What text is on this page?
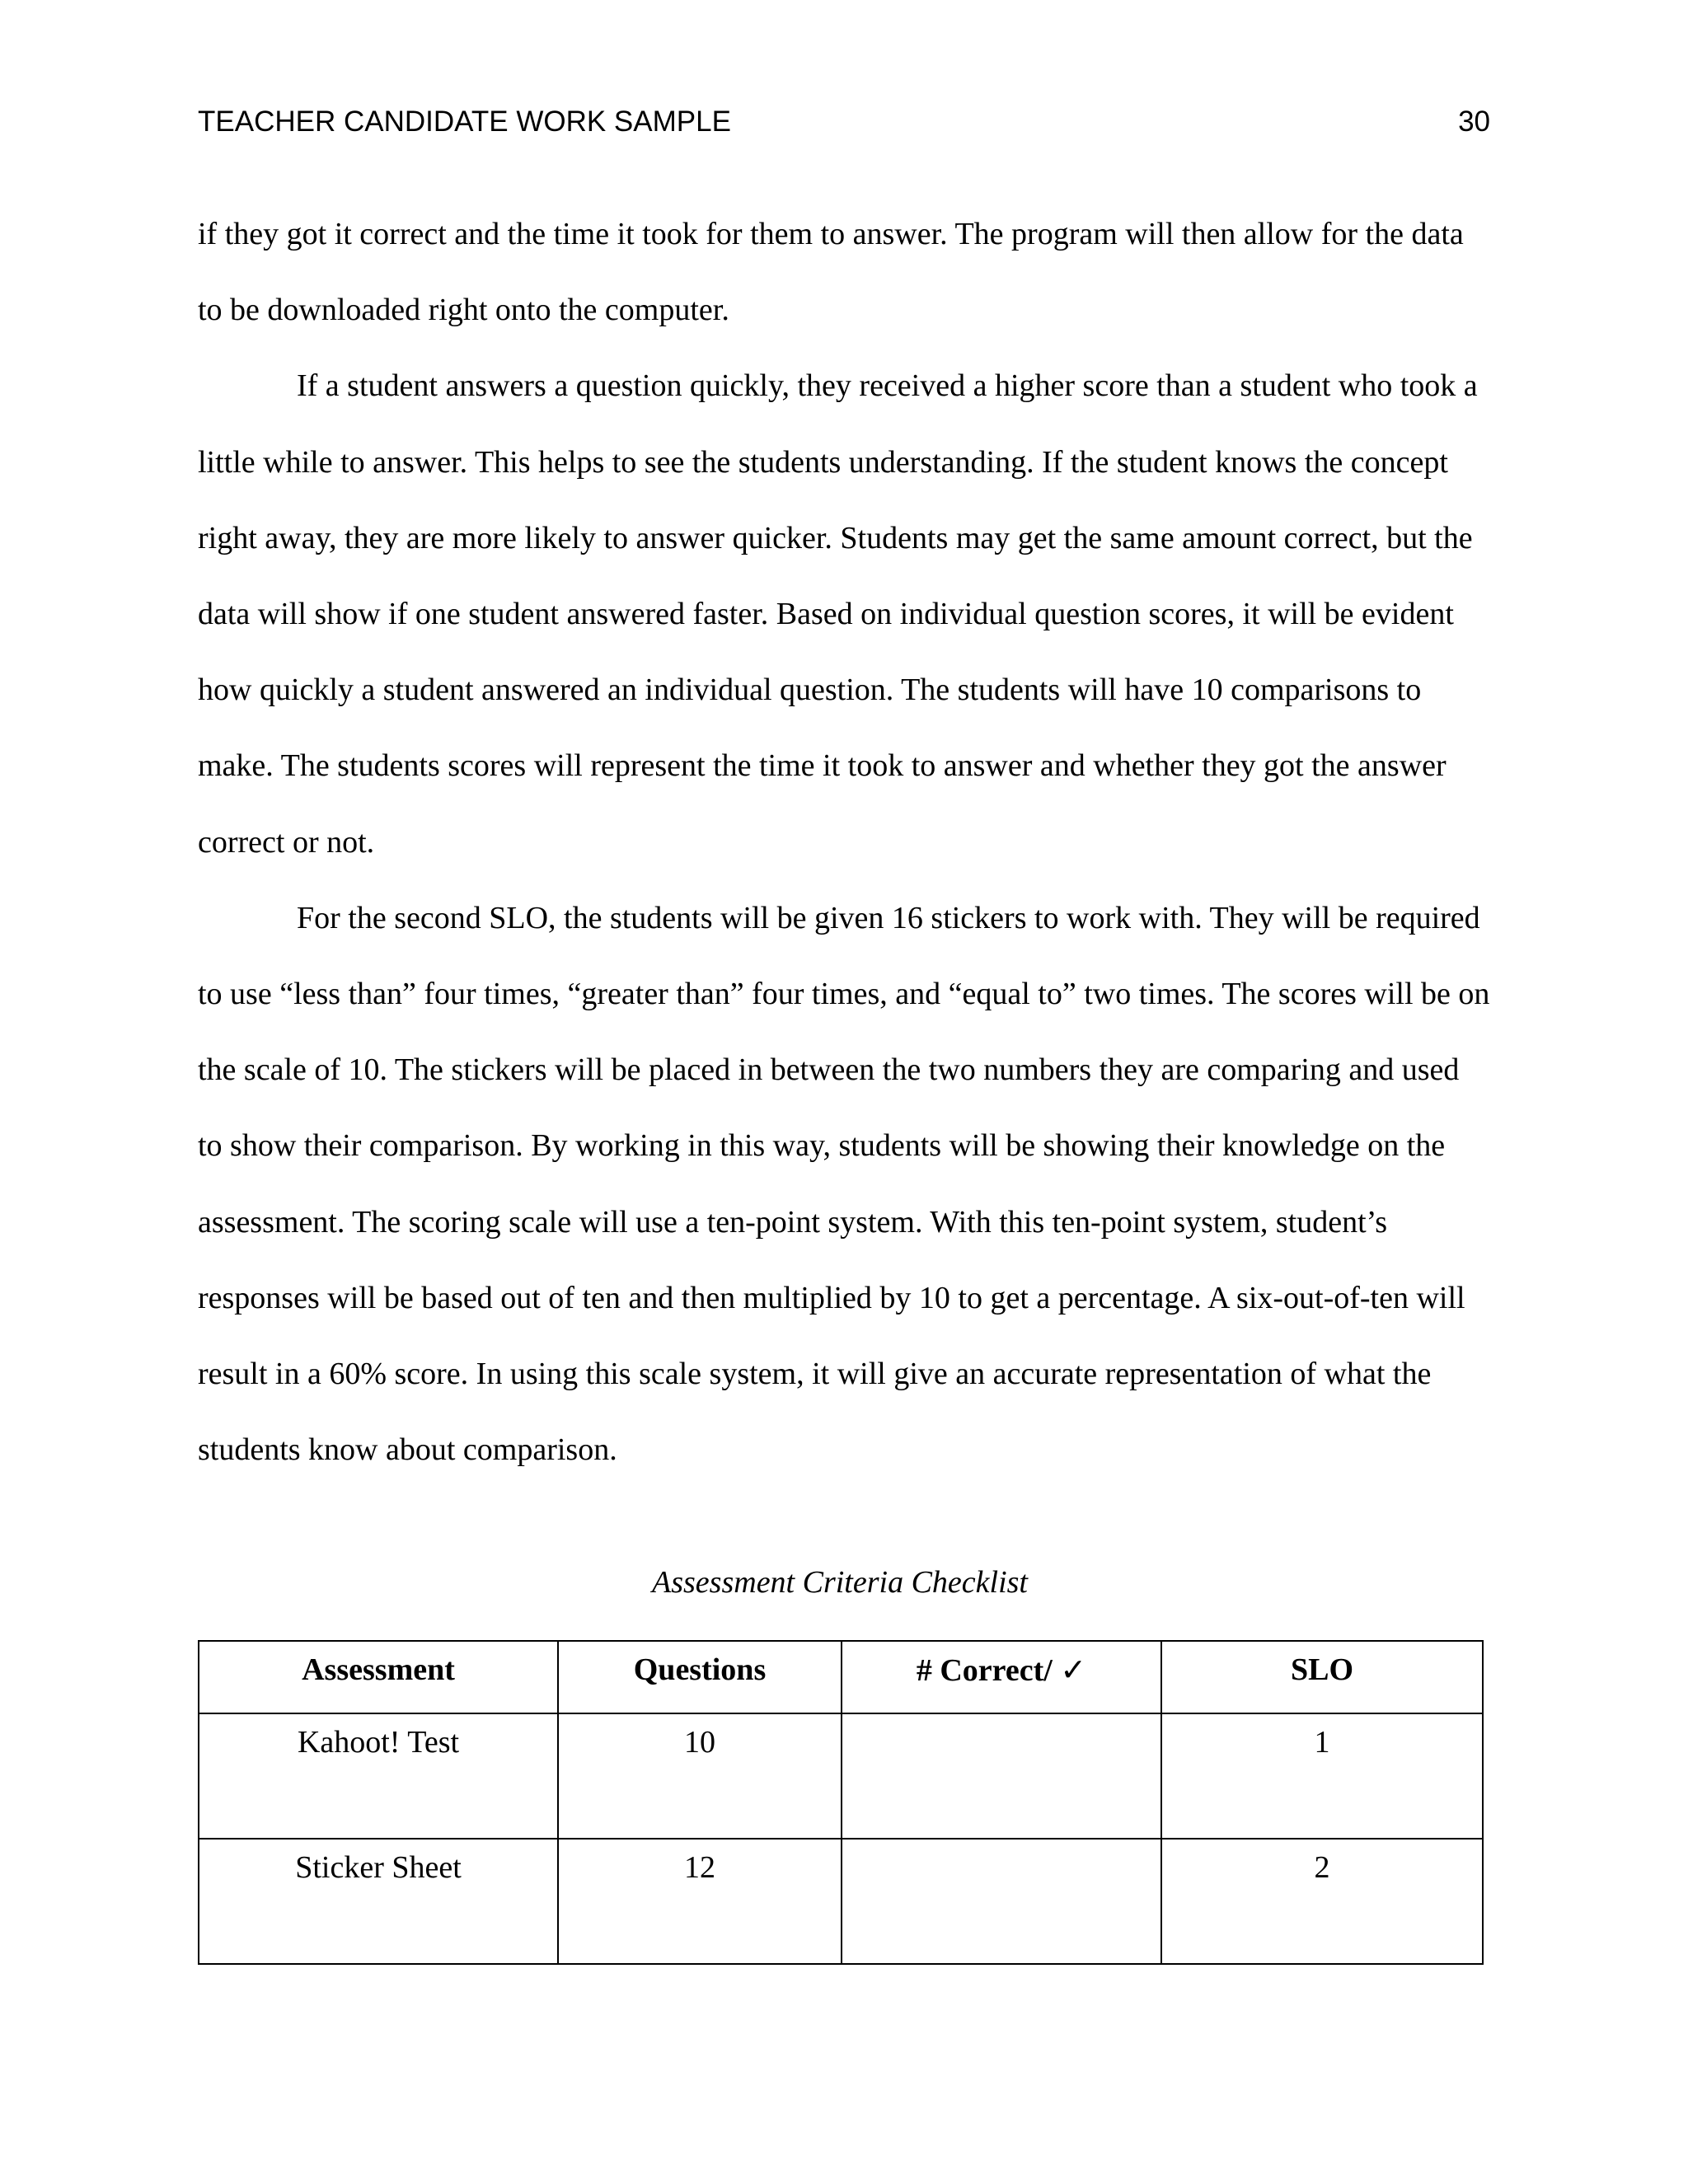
TEACHER CANDIDATE WORK SAMPLE	30

if they got it correct and the time it took for them to answer. The program will then allow for the data to be downloaded right onto the computer.

If a student answers a question quickly, they received a higher score than a student who took a little while to answer. This helps to see the students understanding. If the student knows the concept right away, they are more likely to answer quicker. Students may get the same amount correct, but the data will show if one student answered faster. Based on individual question scores, it will be evident how quickly a student answered an individual question. The students will have 10 comparisons to make. The students scores will represent the time it took to answer and whether they got the answer correct or not.

For the second SLO, the students will be given 16 stickers to work with. They will be required to use “less than” four times, “greater than” four times, and “equal to” two times. The scores will be on the scale of 10. The stickers will be placed in between the two numbers they are comparing and used to show their comparison. By working in this way, students will be showing their knowledge on the assessment. The scoring scale will use a ten-point system. With this ten-point system, student’s responses will be based out of ten and then multiplied by 10 to get a percentage. A six-out-of-ten will result in a 60% score. In using this scale system, it will give an accurate representation of what the students know about comparison.

Assessment Criteria Checklist
Assessment	Questions	# Correct/ ✓	SLO
Kahoot! Test	10		1
Sticker Sheet	12		2
